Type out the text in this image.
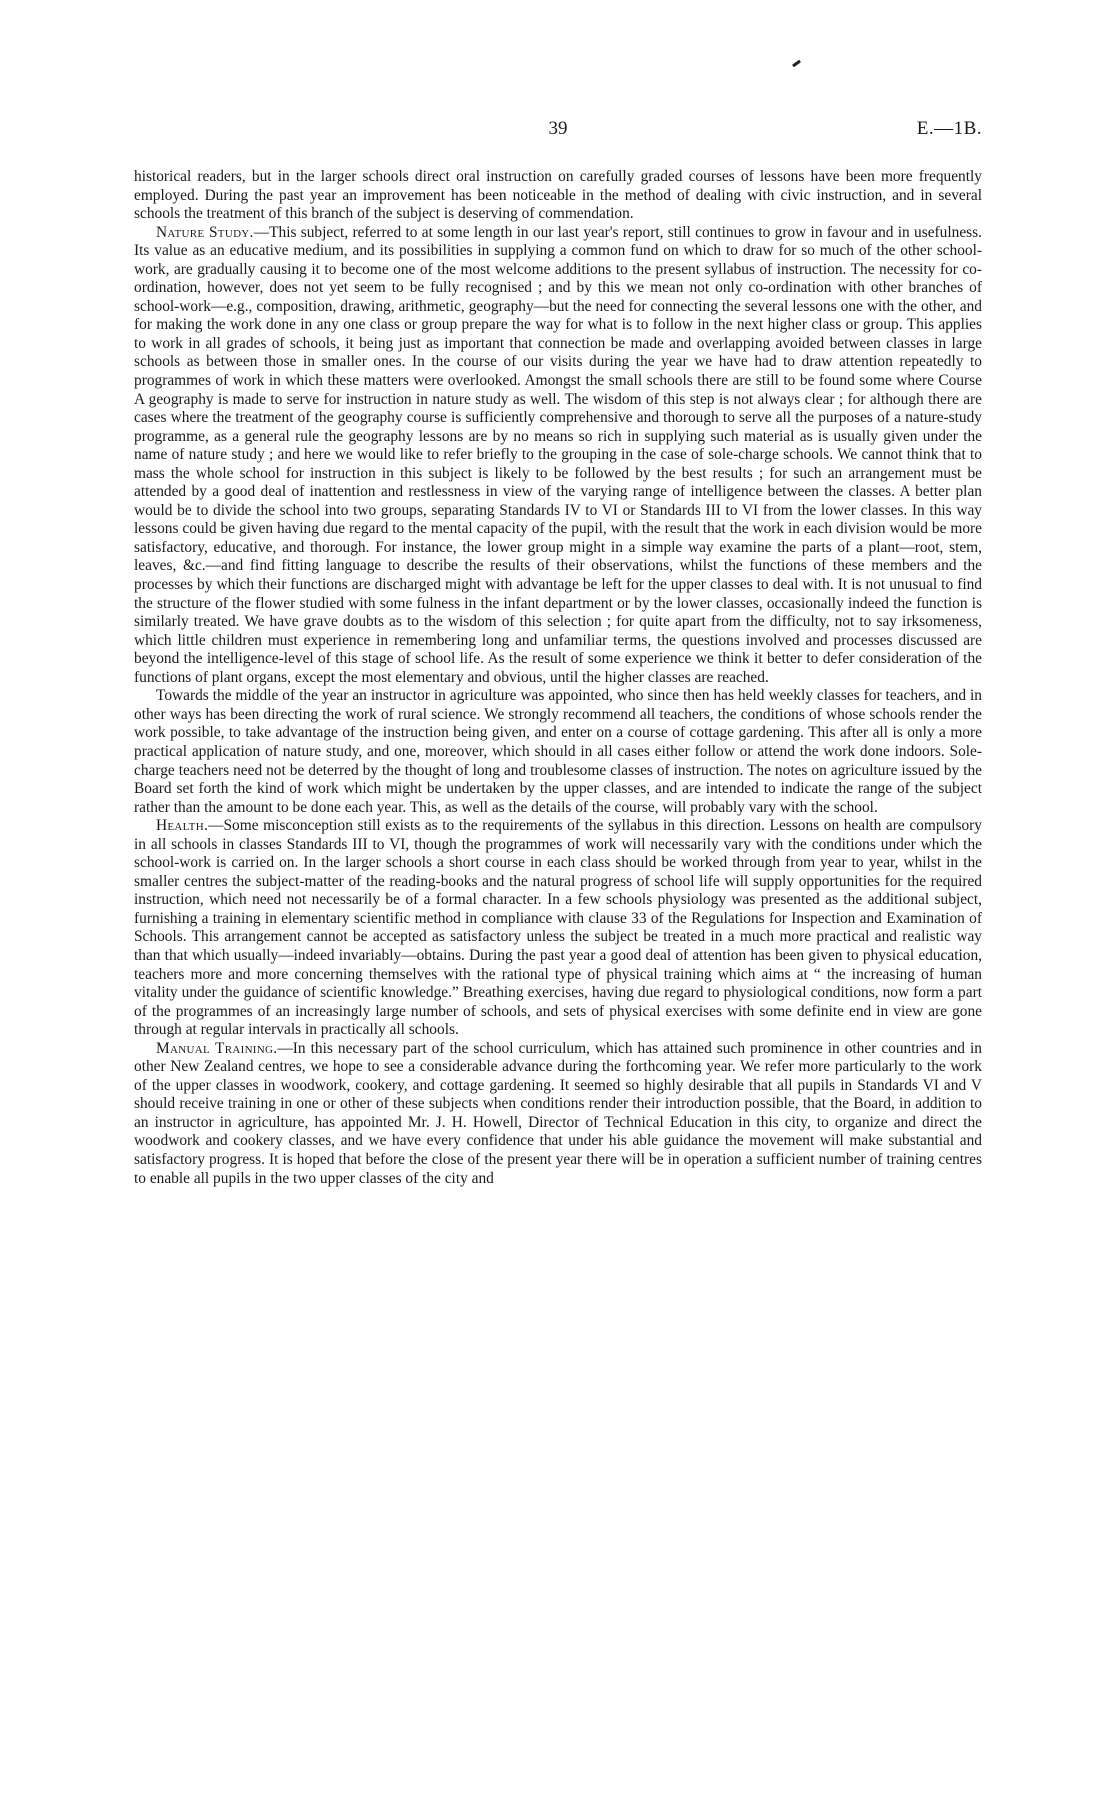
39	E.—1B.

historical readers, but in the larger schools direct oral instruction on carefully graded courses of lessons have been more frequently employed. During the past year an improvement has been noticeable in the method of dealing with civic instruction, and in several schools the treatment of this branch of the subject is deserving of commendation.

Nature Study.—This subject, referred to at some length in our last year's report, still continues to grow in favour and in usefulness. Its value as an educative medium, and its possibilities in supplying a common fund on which to draw for so much of the other school-work, are gradually causing it to become one of the most welcome additions to the present syllabus of instruction. The necessity for co-ordination, however, does not yet seem to be fully recognised ; and by this we mean not only co-ordination with other branches of school-work—e.g., composition, drawing, arithmetic, geography—but the need for connecting the several lessons one with the other, and for making the work done in any one class or group prepare the way for what is to follow in the next higher class or group. This applies to work in all grades of schools, it being just as important that connection be made and overlapping avoided between classes in large schools as between those in smaller ones. In the course of our visits during the year we have had to draw attention repeatedly to programmes of work in which these matters were overlooked. Amongst the small schools there are still to be found some where Course A geography is made to serve for instruction in nature study as well. The wisdom of this step is not always clear ; for although there are cases where the treatment of the geography course is sufficiently comprehensive and thorough to serve all the purposes of a nature-study programme, as a general rule the geography lessons are by no means so rich in supplying such material as is usually given under the name of nature study ; and here we would like to refer briefly to the grouping in the case of sole-charge schools. We cannot think that to mass the whole school for instruction in this subject is likely to be followed by the best results ; for such an arrangement must be attended by a good deal of inattention and restlessness in view of the varying range of intelligence between the classes. A better plan would be to divide the school into two groups, separating Standards IV to VI or Standards III to VI from the lower classes. In this way lessons could be given having due regard to the mental capacity of the pupil, with the result that the work in each division would be more satisfactory, educative, and thorough. For instance, the lower group might in a simple way examine the parts of a plant—root, stem, leaves, &c.—and find fitting language to describe the results of their observations, whilst the functions of these members and the processes by which their functions are discharged might with advantage be left for the upper classes to deal with. It is not unusual to find the structure of the flower studied with some fulness in the infant department or by the lower classes, occasionally indeed the function is similarly treated. We have grave doubts as to the wisdom of this selection ; for quite apart from the difficulty, not to say irksomeness, which little children must experience in remembering long and unfamiliar terms, the questions involved and processes discussed are beyond the intelligence-level of this stage of school life. As the result of some experience we think it better to defer consideration of the functions of plant organs, except the most elementary and obvious, until the higher classes are reached.

Towards the middle of the year an instructor in agriculture was appointed, who since then has held weekly classes for teachers, and in other ways has been directing the work of rural science. We strongly recommend all teachers, the conditions of whose schools render the work possible, to take advantage of the instruction being given, and enter on a course of cottage gardening. This after all is only a more practical application of nature study, and one, moreover, which should in all cases either follow or attend the work done indoors. Sole-charge teachers need not be deterred by the thought of long and troublesome classes of instruction. The notes on agriculture issued by the Board set forth the kind of work which might be undertaken by the upper classes, and are intended to indicate the range of the subject rather than the amount to be done each year. This, as well as the details of the course, will probably vary with the school.

Health.—Some misconception still exists as to the requirements of the syllabus in this direction. Lessons on health are compulsory in all schools in classes Standards III to VI, though the programmes of work will necessarily vary with the conditions under which the school-work is carried on. In the larger schools a short course in each class should be worked through from year to year, whilst in the smaller centres the subject-matter of the reading-books and the natural progress of school life will supply opportunities for the required instruction, which need not necessarily be of a formal character. In a few schools physiology was presented as the additional subject, furnishing a training in elementary scientific method in compliance with clause 33 of the Regulations for Inspection and Examination of Schools. This arrangement cannot be accepted as satisfactory unless the subject be treated in a much more practical and realistic way than that which usually—indeed invariably—obtains. During the past year a good deal of attention has been given to physical education, teachers more and more concerning themselves with the rational type of physical training which aims at “ the increasing of human vitality under the guidance of scientific knowledge.” Breathing exercises, having due regard to physiological conditions, now form a part of the programmes of an increasingly large number of schools, and sets of physical exercises with some definite end in view are gone through at regular intervals in practically all schools.

Manual Training.—In this necessary part of the school curriculum, which has attained such prominence in other countries and in other New Zealand centres, we hope to see a considerable advance during the forthcoming year. We refer more particularly to the work of the upper classes in woodwork, cookery, and cottage gardening. It seemed so highly desirable that all pupils in Standards VI and V should receive training in one or other of these subjects when conditions render their introduction possible, that the Board, in addition to an instructor in agriculture, has appointed Mr. J. H. Howell, Director of Technical Education in this city, to organize and direct the woodwork and cookery classes, and we have every confidence that under his able guidance the movement will make substantial and satisfactory progress. It is hoped that before the close of the present year there will be in operation a sufficient number of training centres to enable all pupils in the two upper classes of the city and
